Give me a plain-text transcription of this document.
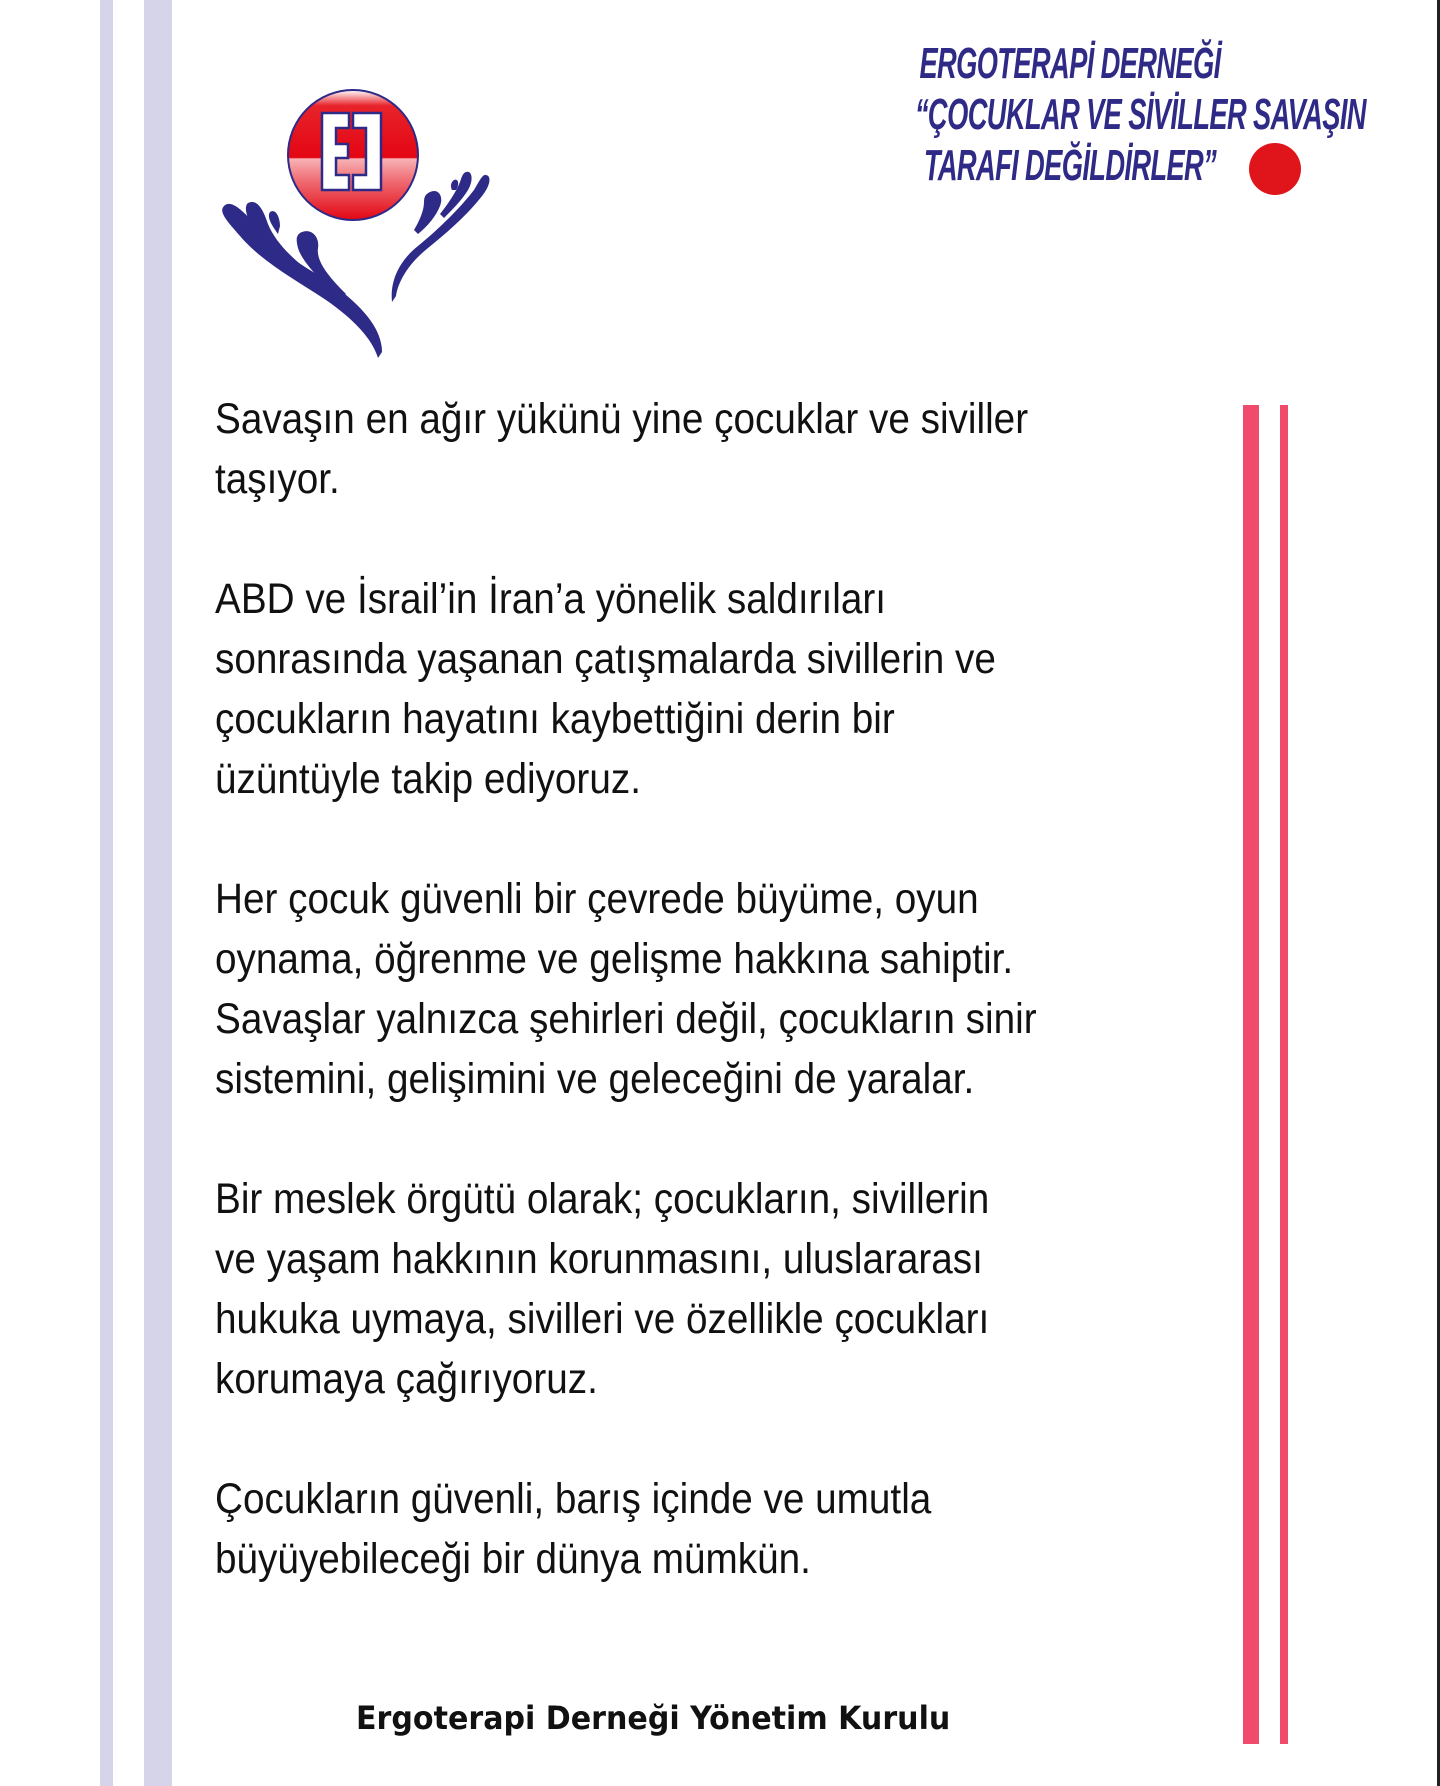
ERGOTERAPİ DERNEĞİ
“ÇOCUKLAR VE SİVİLLER SAVAŞIN
TARAFI DEĞİLDİRLER”
Savaşın en ağır yükünü yine çocuklar ve siviller
taşıyor.
ABD ve İsrail’in İran’a yönelik saldırıları
sonrasında yaşanan çatışmalarda sivillerin ve
çocukların hayatını kaybettiğini derin bir
üzüntüyle takip ediyoruz.
Her çocuk güvenli bir çevrede büyüme, oyun
oynama, öğrenme ve gelişme hakkına sahiptir.
Savaşlar yalnızca şehirleri değil, çocukların sinir
sistemini, gelişimini ve geleceğini de yaralar.
Bir meslek örgütü olarak; çocukların, sivillerin
ve yaşam hakkının korunmasını, uluslararası
hukuka uymaya, sivilleri ve özellikle çocukları
korumaya çağırıyoruz.
Çocukların güvenli, barış içinde ve umutla
büyüyebileceği bir dünya mümkün.
Ergoterapi Derneği Yönetim Kurulu
